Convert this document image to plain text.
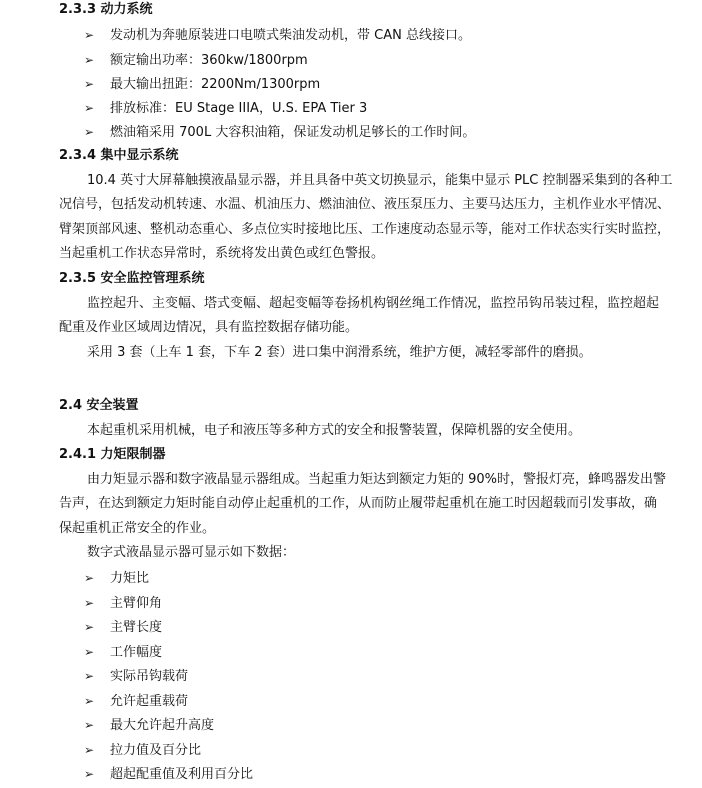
2.3.3 动力系统
➢ 发动机为奔驰原装进口电喷式柴油发动机，带 CAN 总线接口。
➢ 额定输出功率：360kw/1800rpm
➢ 最大输出扭距：2200Nm/1300rpm
➢ 排放标准：EU Stage IIIA，U.S. EPA Tier 3
➢ 燃油箱采用 700L 大容积油箱，保证发动机足够长的工作时间。
2.3.4 集中显示系统
10.4 英寸大屏幕触摸液晶显示器，并且具备中英文切换显示，能集中显示 PLC 控制器采集到的各种工
况信号，包括发动机转速、水温、机油压力、燃油油位、液压泵压力、主要马达压力，主机作业水平情况、
臂架顶部风速、整机动态重心、多点位实时接地比压、工作速度动态显示等，能对工作状态实行实时监控，
当起重机工作状态异常时，系统将发出黄色或红色警报。
2.3.5 安全监控管理系统
监控起升、主变幅、塔式变幅、超起变幅等卷扬机构钢丝绳工作情况，监控吊钩吊装过程，监控超起
配重及作业区域周边情况，具有监控数据存储功能。
采用 3 套（上车 1 套，下车 2 套）进口集中润滑系统，维护方便，减轻零部件的磨损。
2.4 安全装置
本起重机采用机械，电子和液压等多种方式的安全和报警装置，保障机器的安全使用。
2.4.1 力矩限制器
由力矩显示器和数字液晶显示器组成。当起重力矩达到额定力矩的 90%时，警报灯亮，蜂鸣器发出警
告声，在达到额定力矩时能自动停止起重机的工作，从而防止履带起重机在施工时因超载而引发事故，确
保起重机正常安全的作业。
数字式液晶显示器可显示如下数据：
➢ 力矩比
➢ 主臂仰角
➢ 主臂长度
➢ 工作幅度
➢ 实际吊钩载荷
➢ 允许起重载荷
➢ 最大允许起升高度
➢ 拉力值及百分比
➢ 超起配重值及利用百分比
